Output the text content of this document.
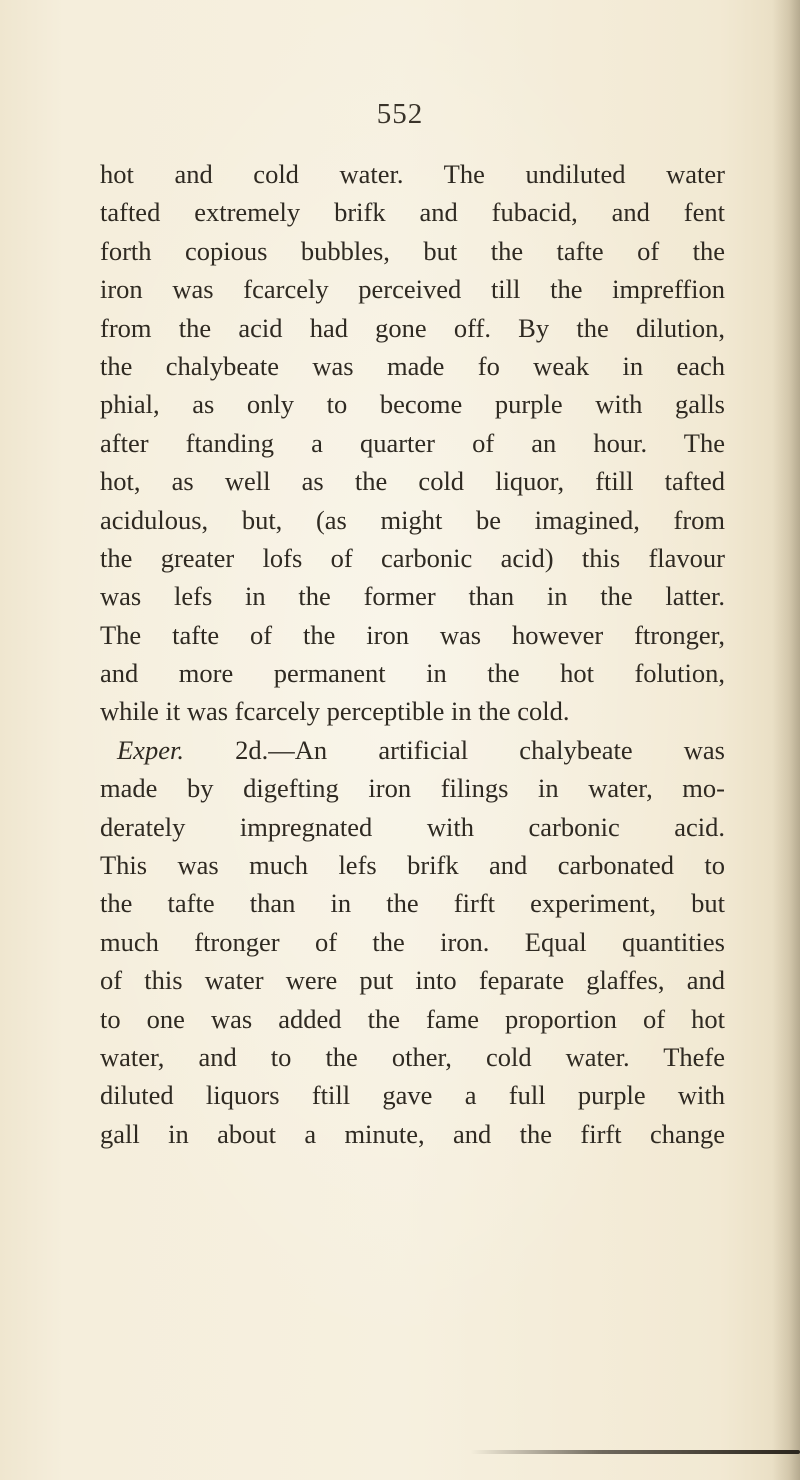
552
hot and cold water. The undiluted water
tafted extremely brifk and fubacid, and fent
forth copious bubbles, but the tafte of the
iron was fcarcely perceived till the impreffion
from the acid had gone off. By the dilution,
the chalybeate was made fo weak in each
phial, as only to become purple with galls
after ftanding a quarter of an hour. The
hot, as well as the cold liquor, ftill tafted
acidulous, but, (as might be imagined, from
the greater lofs of carbonic acid) this flavour
was lefs in the former than in the latter.
The tafte of the iron was however ftronger,
and more permanent in the hot folution,
while it was fcarcely perceptible in the cold.
Exper. 2d.—An artificial chalybeate was
made by digefting iron filings in water, mo-
derately impregnated with carbonic acid.
This was much lefs brifk and carbonated to
the tafte than in the firft experiment, but
much ftronger of the iron. Equal quantities
of this water were put into feparate glaffes, and
to one was added the fame proportion of hot
water, and to the other, cold water. Thefe
diluted liquors ftill gave a full purple with
gall in about a minute, and the firft change
